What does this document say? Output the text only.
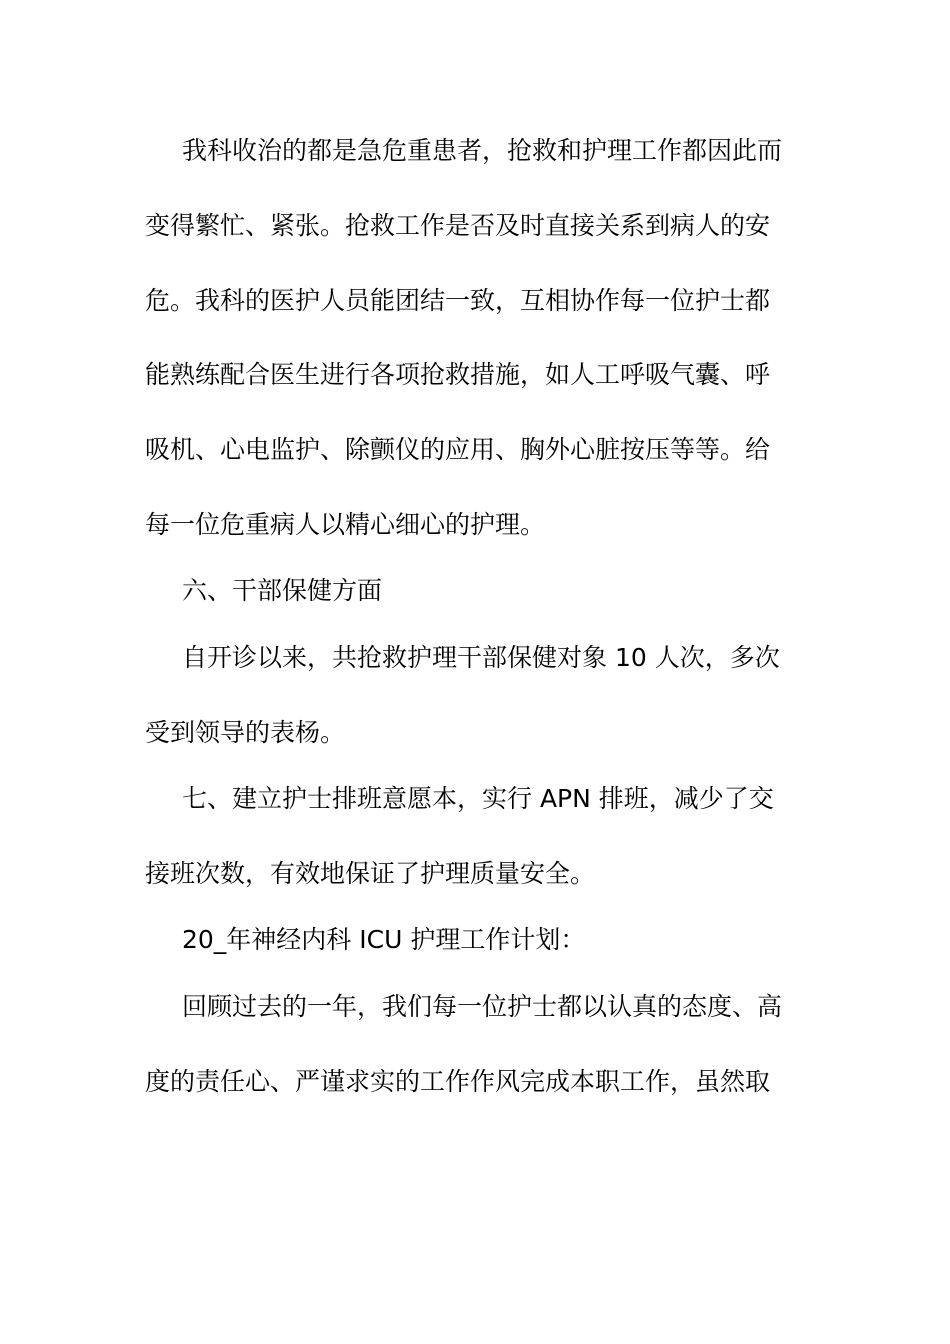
我科收治的都是急危重患者，抢救和护理工作都因此而
变得繁忙、紧张。抢救工作是否及时直接关系到病人的安
危。我科的医护人员能团结一致，互相协作每一位护士都
能熟练配合医生进行各项抢救措施，如人工呼吸气囊、呼
吸机、心电监护、除颤仪的应用、胸外心脏按压等等。给
每一位危重病人以精心细心的护理。
六、干部保健方面
自开诊以来，共抢救护理干部保健对象 10 人次，多次
受到领导的表杨。
七、建立护士排班意愿本，实行 APN 排班，减少了交
接班次数，有效地保证了护理质量安全。
20_年神经内科 ICU 护理工作计划：
回顾过去的一年，我们每一位护士都以认真的态度、高
度的责任心、严谨求实的工作作风完成本职工作，虽然取
